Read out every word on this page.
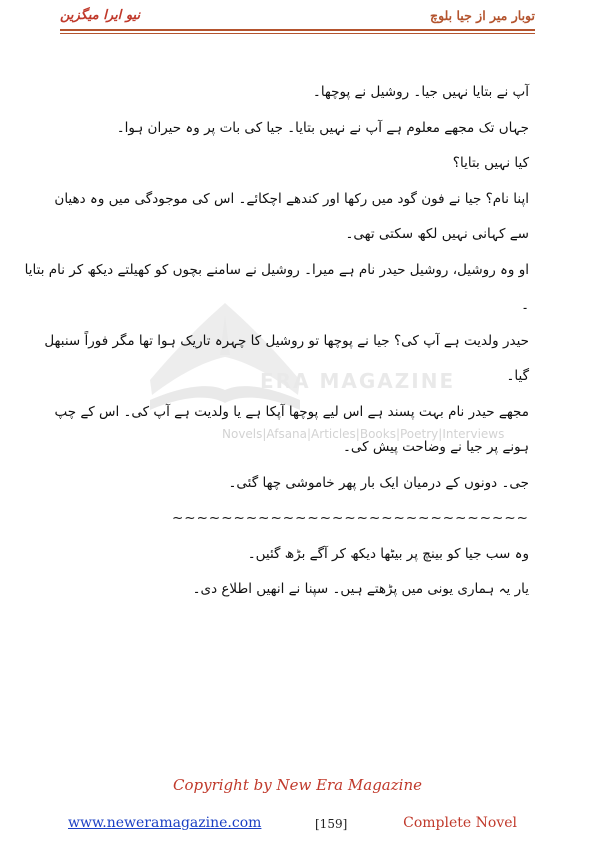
نیو ایرا میگزین	توبار میر از جیا بلوچ
ERA MAGAZINE
Novels|Afsana|Articles|Books|Poetry|Interviews
آپ نے بتایا نہیں جیا۔ روشیل نے پوچھا۔
جہاں تک مجھے معلوم ہے آپ نے نہیں بتایا۔ جیا کی بات پر وہ حیران ہوا۔
کیا نہیں بتایا؟
اپنا نام؟ جیا نے فون گود میں رکھا اور کندھے اچکائے۔ اس کی موجودگی میں وہ دھیان
سے کہانی نہیں لکھ سکتی تھی۔
او وہ روشیل، روشیل حیدر نام ہے میرا۔ روشیل نے سامنے بچوں کو کھیلتے دیکھ کر نام بتایا
۔
حیدر ولدیت ہے آپ کی؟ جیا نے پوچھا تو روشیل کا چہرہ تاریک ہوا تھا مگر فوراً سنبھل
گیا۔
مجھے حیدر نام بہت پسند ہے اس لیے پوچھا آپکا ہے یا ولدیت ہے آپ کی۔ اس کے چپ
ہونے پر جیا نے وضاحت پیش کی۔
جی۔ دونوں کے درمیان ایک بار پھر خاموشی چھا گئی۔
~~~~~~~~~~~~~~~~~~~~~~~~~~~~~
وہ سب جیا کو بینچ پر بیٹھا دیکھ کر آگے بڑھ گئیں۔
یار یہ ہماری یونی میں پڑھتے ہیں۔ سپنا نے انھیں اطلاع دی۔
Copyright by New Era Magazine
www.neweramagazine.com	[159]	Complete Novel
